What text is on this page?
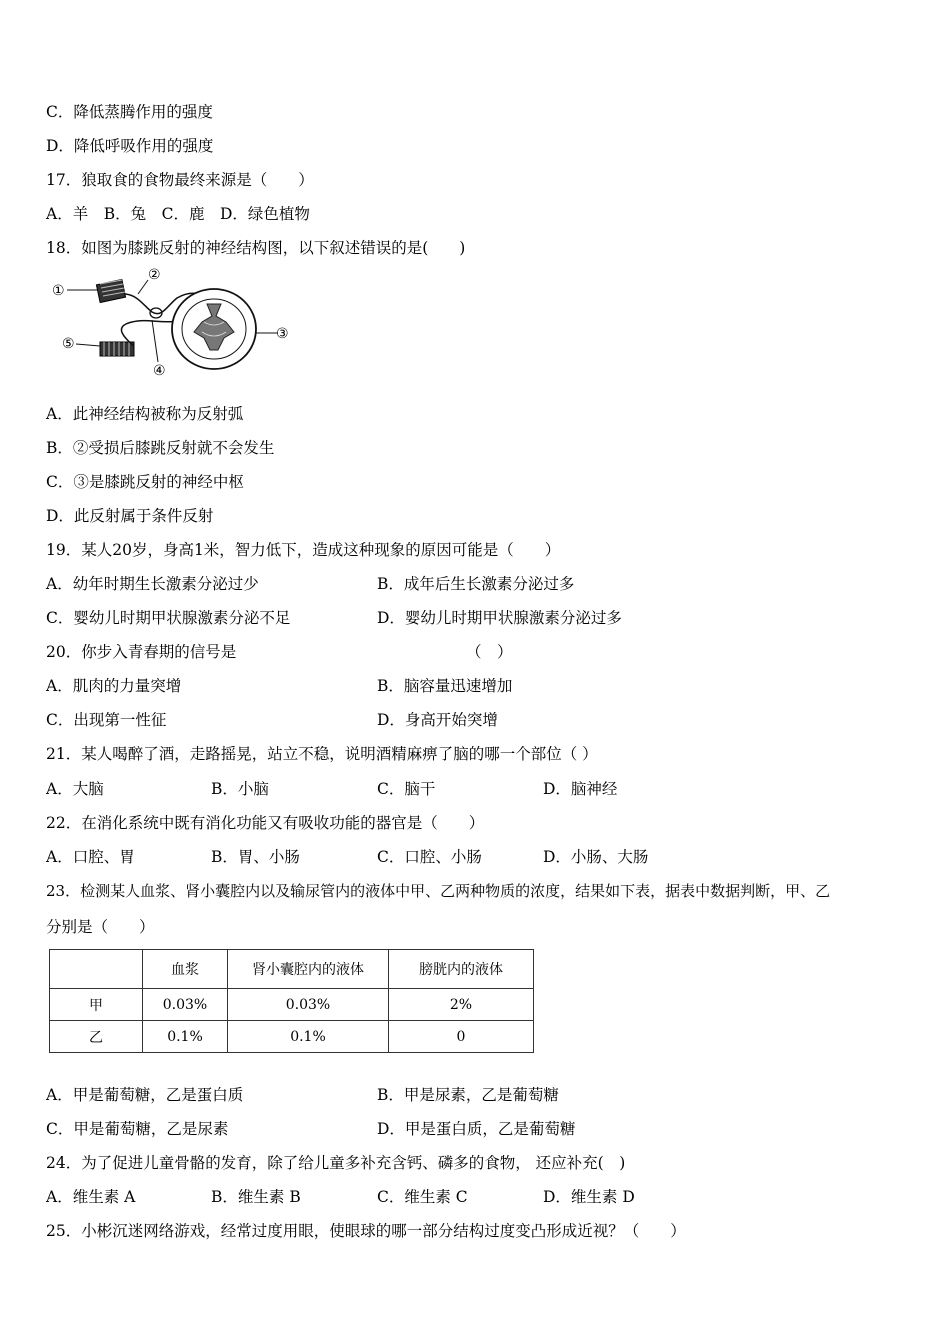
C．降低蒸腾作用的强度
D．降低呼吸作用的强度
17．狼取食的食物最终来源是（　　）
A．羊　B．兔　C．鹿　D．绿色植物
18．如图为膝跳反射的神经结构图，以下叙述错误的是(　　)
①
②
③
④
⑤
A．此神经结构被称为反射弧
B．②受损后膝跳反射就不会发生
C．③是膝跳反射的神经中枢
D．此反射属于条件反射
19．某人20岁，身高1米，智力低下，造成这种现象的原因可能是（　　）
A．幼年时期生长激素分泌过少	B．成年后生长激素分泌过多
C．婴幼儿时期甲状腺激素分泌不足	D．婴幼儿时期甲状腺激素分泌过多
20．你步入青春期的信号是	（　）
A．肌肉的力量突增	B．脑容量迅速增加
C．出现第一性征	D．身高开始突增
21．某人喝醉了酒，走路摇晃，站立不稳，说明酒精麻痹了脑的哪一个部位（ ）
A．大脑	B．小脑	C．脑干	D．脑神经
22．在消化系统中既有消化功能又有吸收功能的器官是（　　）
A．口腔、胃	B．胃、小肠	C．口腔、小肠	D．小肠、大肠
23．检测某人血浆、肾小囊腔内以及输尿管内的液体中甲、乙两种物质的浓度，结果如下表，据表中数据判断，甲、乙
分别是（　　）
	血浆	肾小囊腔内的液体	膀胱内的液体
甲	0.03%	0.03%	2%
乙	0.1%	0.1%	0
A．甲是葡萄糖，乙是蛋白质	B．甲是尿素，乙是葡萄糖
C．甲是葡萄糖，乙是尿素	D．甲是蛋白质，乙是葡萄糖
24．为了促进儿童骨骼的发育，除了给儿童多补充含钙、磷多的食物， 还应补充(　)
A．维生素 A	B．维生素 B	C．维生素 C	D．维生素 D
25．小彬沉迷网络游戏，经常过度用眼，使眼球的哪一部分结构过度变凸形成近视？（　　）
